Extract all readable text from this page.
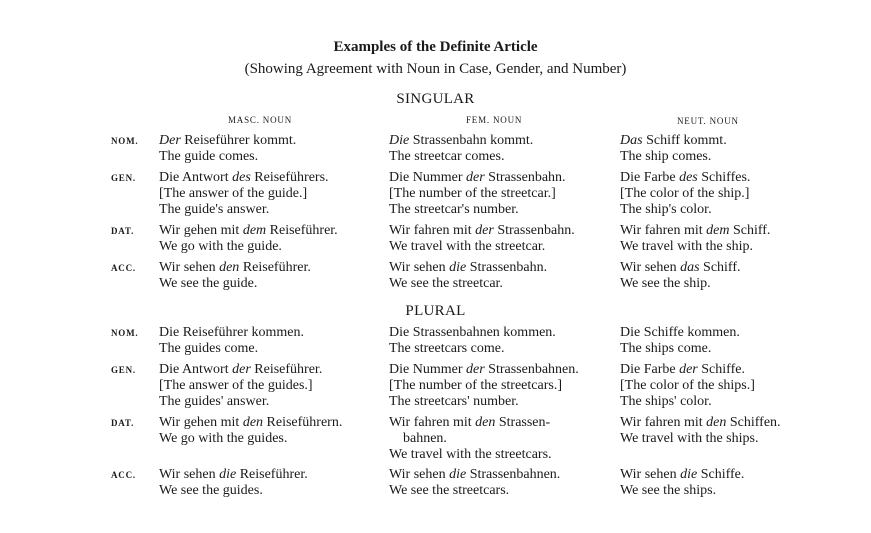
Examples of the Definite Article
(Showing Agreement with Noun in Case, Gender, and Number)
SINGULAR
MASC. NOUN	FEM. NOUN	NEUT. NOUN
PLURAL
NOM. Der Reiseführer kommt.
The guide comes.
Die Strassenbahn kommt.
The streetcar comes.
Das Schiff kommt.
The ship comes.
GEN. Die Antwort des Reiseführers.
[The answer of the guide.]
The guide's answer.
Die Nummer der Strassenbahn.
[The number of the streetcar.]
The streetcar's number.
Die Farbe des Schiffes.
[The color of the ship.]
The ship's color.
DAT. Wir gehen mit dem Reiseführer.
We go with the guide.
Wir fahren mit der Strassenbahn.
We travel with the streetcar.
Wir fahren mit dem Schiff.
We travel with the ship.
ACC. Wir sehen den Reiseführer.
We see the guide.
Wir sehen die Strassenbahn.
We see the streetcar.
Wir sehen das Schiff.
We see the ship.
NOM. Die Reiseführer kommen.
The guides come.
Die Strassenbahnen kommen.
The streetcars come.
Die Schiffe kommen.
The ships come.
GEN. Die Antwort der Reiseführer.
[The answer of the guides.]
The guides' answer.
Die Nummer der Strassenbahnen.
[The number of the streetcars.]
The streetcars' number.
Die Farbe der Schiffe.
[The color of the ships.]
The ships' color.
DAT. Wir gehen mit den Reiseführern.
We go with the guides.
Wir fahren mit den Strassen-
bahnen.
We travel with the streetcars.
Wir fahren mit den Schiffen.
We travel with the ships.
ACC. Wir sehen die Reiseführer.
We see the guides.
Wir sehen die Strassenbahnen.
We see the streetcars.
Wir sehen die Schiffe.
We see the ships.
